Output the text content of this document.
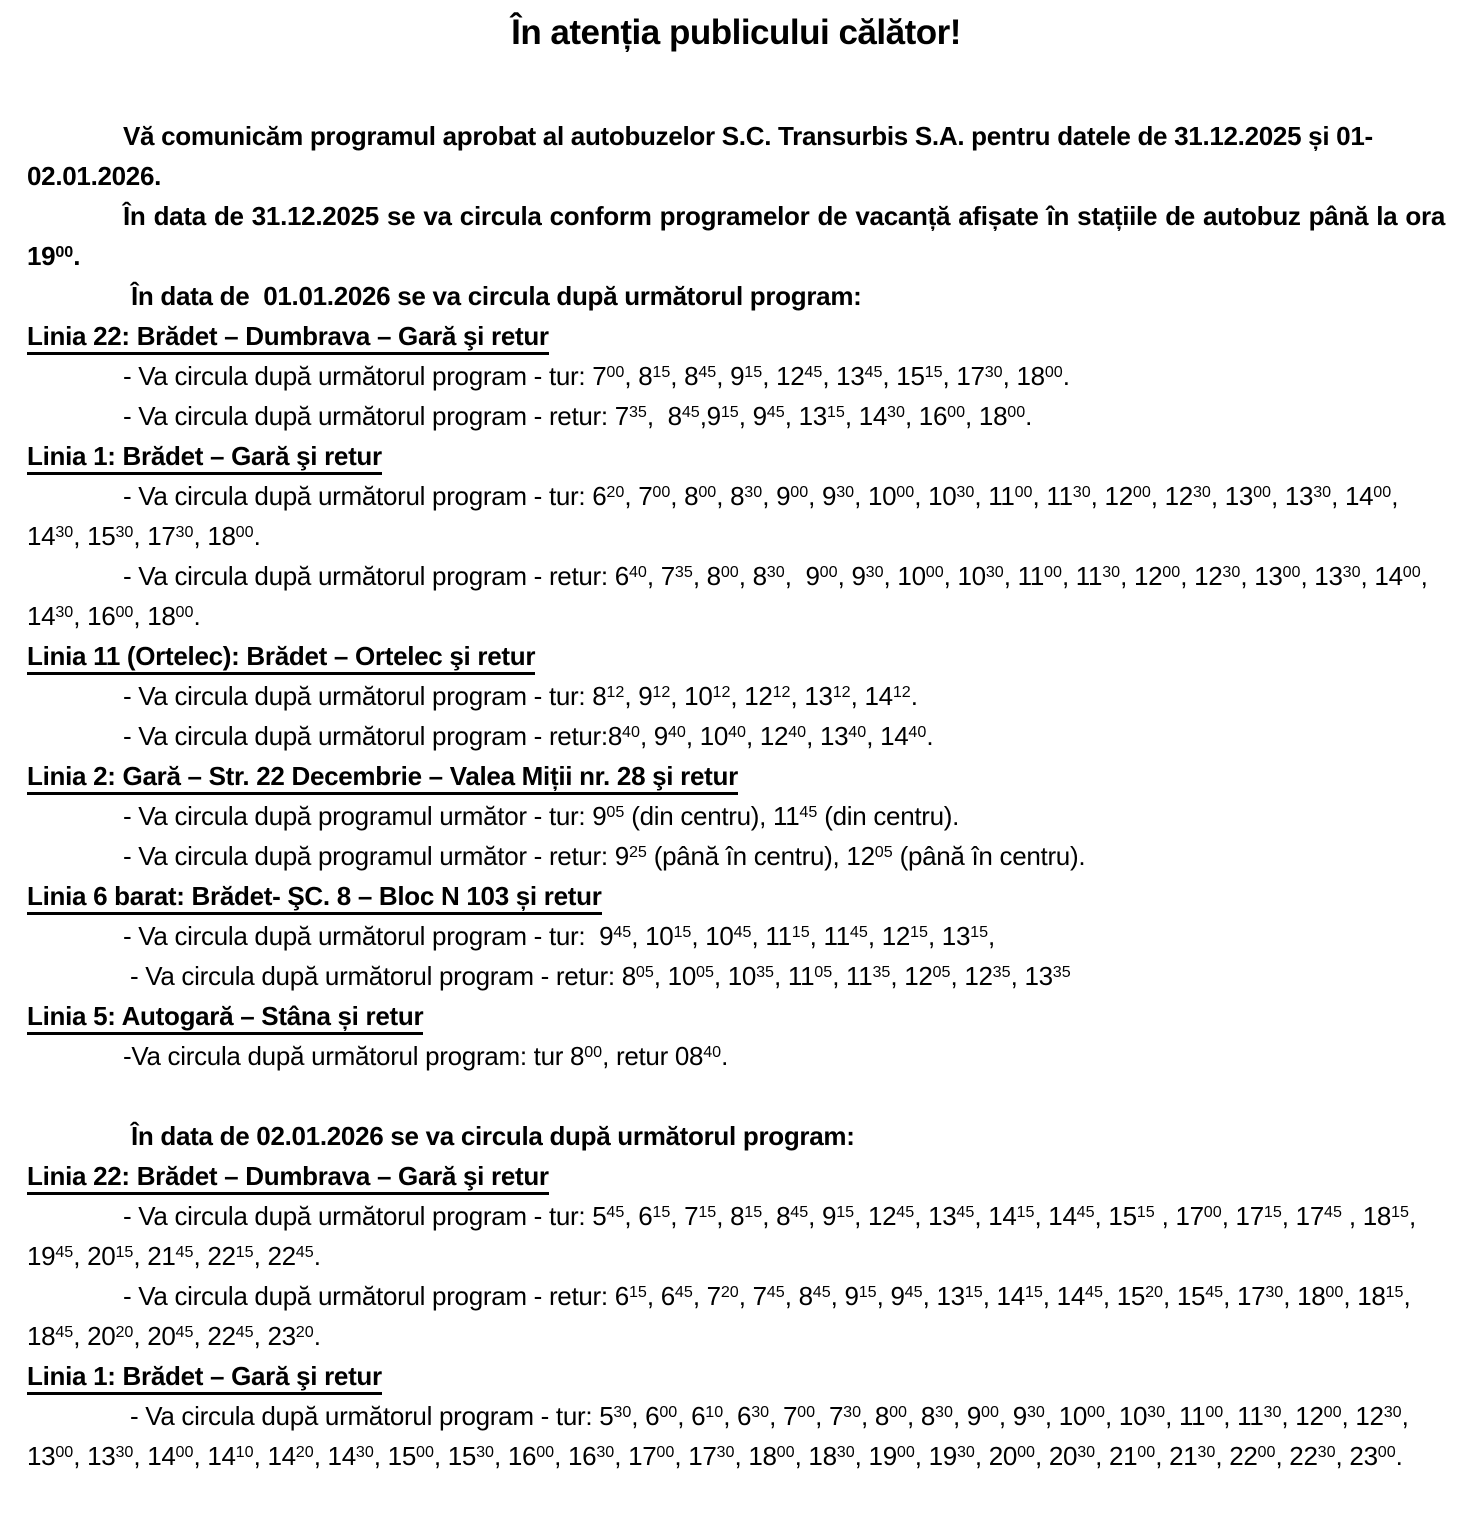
În atenția publicului călător!

Vă comunicăm programul aprobat al autobuzelor S.C. Transurbis S.A. pentru datele de 31.12.2025 și 01-02.01.2026.

În data de 31.12.2025 se va circula conform programelor de vacanță afișate în stațiile de autobuz până la ora $19^{00}$.

În data de  01.01.2026 se va circula după următorul program:

Linia 22: Brădet – Dumbrava – Gară şi retur

- Va circula după următorul program - tur: $7^{00}$, $8^{15}$, $8^{45}$, $9^{15}$, $12^{45}$, $13^{45}$, $15^{15}$, $17^{30}$, $18^{00}$.

- Va circula după următorul program - retur: $7^{35}$,  $8^{45},9^{15}$, $9^{45}$, $13^{15}$, $14^{30}$, $16^{00}$, $18^{00}$.

Linia 1: Brădet – Gară şi retur

- Va circula după următorul program - tur: $6^{20}$, $7^{00}$, $8^{00}$, $8^{30}$, $9^{00}$, $9^{30}$, $10^{00}$, $10^{30}$, $11^{00}$, $11^{30}$, $12^{00}$, $12^{30}$, $13^{00}$, $13^{30}$, $14^{00}$, $14^{30}$, $15^{30}$, $17^{30}$, $18^{00}$.

- Va circula după următorul program - retur: $6^{40}$, $7^{35}$, $8^{00}$, $8^{30}$,  $9^{00}$, $9^{30}$, $10^{00}$, $10^{30}$, $11^{00}$, $11^{30}$, $12^{00}$, $12^{30}$, $13^{00}$, $13^{30}$, $14^{00}$, $14^{30}$, $16^{00}$, $18^{00}$.

Linia 11 (Ortelec): Brădet – Ortelec şi retur

- Va circula după următorul program - tur: $8^{12}$, $9^{12}$, $10^{12}$, $12^{12}$, $13^{12}$, $14^{12}$.

- Va circula după următorul program - $retur:8^{40}$, $9^{40}$, $10^{40}$, $12^{40}$, $13^{40}$, $14^{40}$.

Linia 2: Gară – Str. 22 Decembrie – Valea Miții nr. 28 şi retur

- Va circula după programul următor - tur: $9^{05}$ (din centru), $11^{45}$ (din centru).

- Va circula după programul următor - retur: $9^{25}$ (până în centru), $12^{05}$ (până în centru).

Linia 6 barat: Brădet- ŞC. 8 – Bloc N 103 și retur

- Va circula după următorul program - tur:  $9^{45}$, $10^{15}$, $10^{45}$, $11^{15}$, $11^{45}$, $12^{15}$, $13^{15}$,

- Va circula după următorul program - retur: $8^{05}$, $10^{05}$, $10^{35}$, $11^{05}$, $11^{35}$, $12^{05}$, $12^{35}$, $13^{35}$

Linia 5: Autogară – Stâna și retur

-Va circula după următorul program: tur $8^{00}$, retur $08^{40}$.

În data de 02.01.2026 se va circula după următorul program:

Linia 22: Brădet – Dumbrava – Gară şi retur

- Va circula după următorul program - tur: $5^{45}$, $6^{15}$, $7^{15}$, $8^{15}$, $8^{45}$, $9^{15}$, $12^{45}$, $13^{45}$, $14^{15}$, $14^{45}$, $15^{15}$ , $17^{00}$, $17^{15}$, $17^{45}$ , $18^{15}$, $19^{45}$, $20^{15}$, $21^{45}$, $22^{15}$, $22^{45}$.

- Va circula după următorul program - retur: $6^{15}$, $6^{45}$, $7^{20}$, $7^{45}$, $8^{45}$, $9^{15}$, $9^{45}$, $13^{15}$, $14^{15}$, $14^{45}$, $15^{20}$, $15^{45}$, $17^{30}$, $18^{00}$, $18^{15}$, $18^{45}$, $20^{20}$, $20^{45}$, $22^{45}$, $23^{20}$.

Linia 1: Brădet – Gară şi retur

- Va circula după următorul program - tur: $5^{30}$, $6^{00}$, $6^{10}$, $6^{30}$, $7^{00}$, $7^{30}$, $8^{00}$, $8^{30}$, $9^{00}$, $9^{30}$, $10^{00}$, $10^{30}$, $11^{00}$, $11^{30}$, $12^{00}$, $12^{30}$, $13^{00}$, $13^{30}$, $14^{00}$, $14^{10}$, $14^{20}$, $14^{30}$, $15^{00}$, $15^{30}$, $16^{00}$, $16^{30}$, $17^{00}$, $17^{30}$, $18^{00}$, $18^{30}$, $19^{00}$, $19^{30}$, $20^{00}$, $20^{30}$, $21^{00}$, $21^{30}$, $22^{00}$, $22^{30}$, $23^{00}$.
